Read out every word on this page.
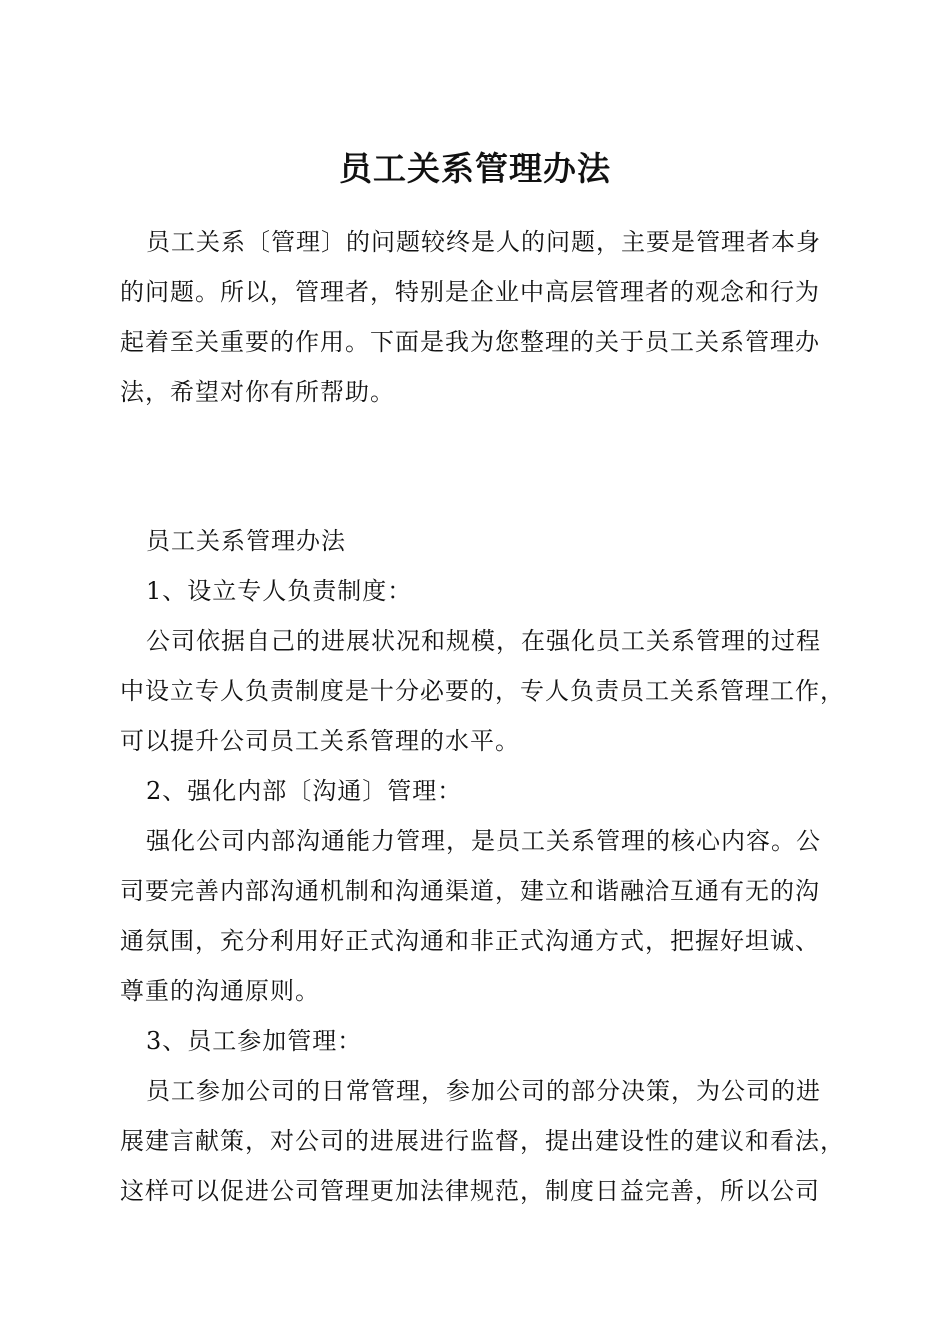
员工关系管理办法
员工关系〔管理〕的问题较终是人的问题，主要是管理者本身
的问题。所以，管理者，特别是企业中高层管理者的观念和行为
起着至关重要的作用。下面是我为您整理的关于员工关系管理办
法，希望对你有所帮助。
员工关系管理办法
1、设立专人负责制度：
公司依据自己的进展状况和规模，在强化员工关系管理的过程
中设立专人负责制度是十分必要的，专人负责员工关系管理工作，
可以提升公司员工关系管理的水平。
2、强化内部〔沟通〕管理：
强化公司内部沟通能力管理，是员工关系管理的核心内容。公
司要完善内部沟通机制和沟通渠道，建立和谐融洽互通有无的沟
通氛围，充分利用好正式沟通和非正式沟通方式，把握好坦诚、
尊重的沟通原则。
3、员工参加管理：
员工参加公司的日常管理，参加公司的部分决策，为公司的进
展建言献策，对公司的进展进行监督，提出建设性的建议和看法，
这样可以促进公司管理更加法律规范，制度日益完善，所以公司
